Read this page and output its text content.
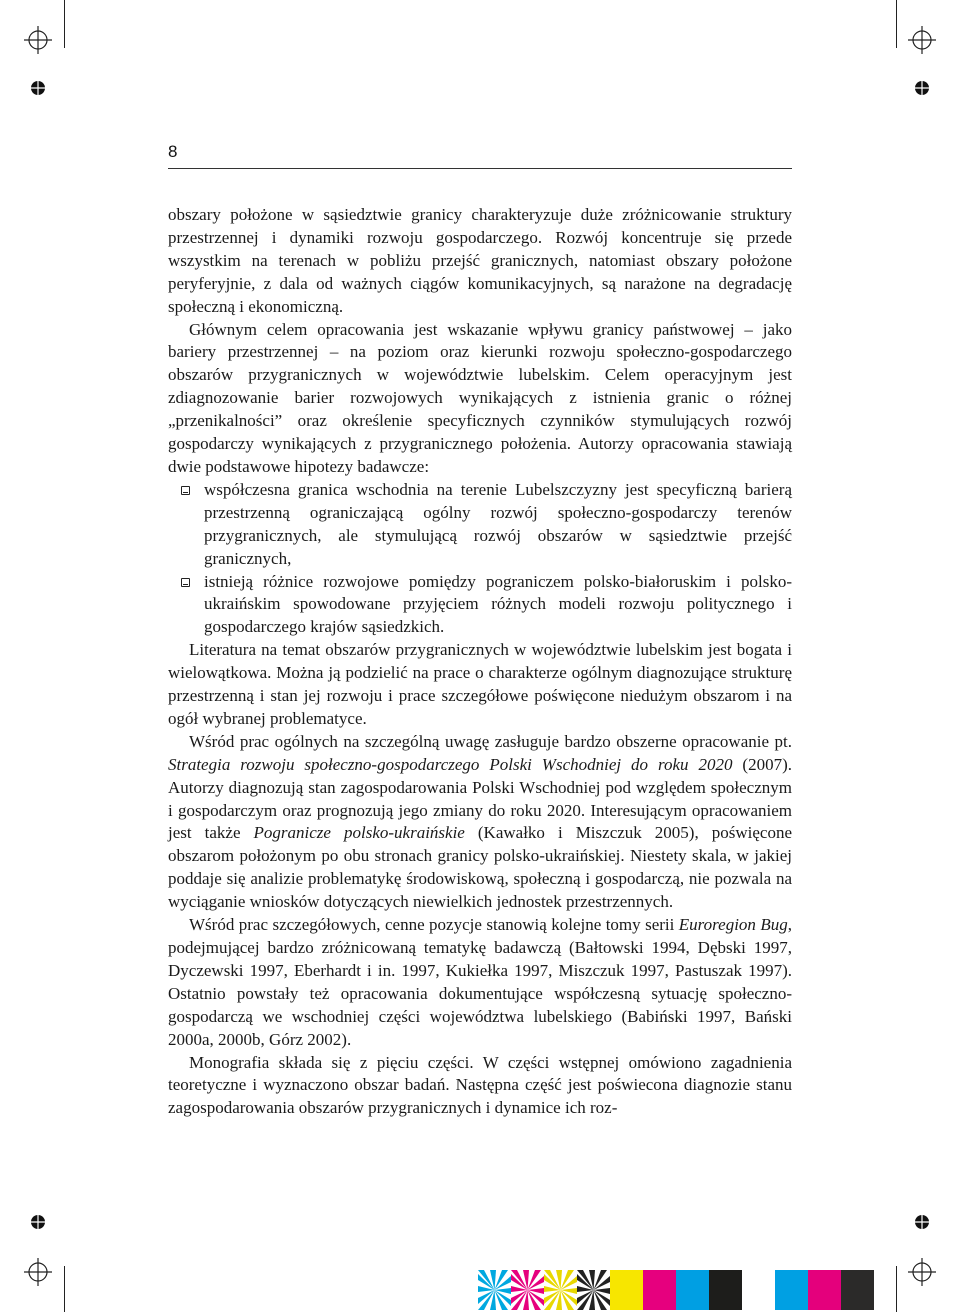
8

obszary położone w sąsiedztwie granicy charakteryzuje duże zróżnicowanie struktury przestrzennej i dynamiki rozwoju gospodarczego. Rozwój koncentruje się przede wszystkim na terenach w pobliżu przejść granicznych, natomiast obszary położone peryferyjnie, z dala od ważnych ciągów komunikacyjnych, są narażone na degradację społeczną i ekonomiczną.

Głównym celem opracowania jest wskazanie wpływu granicy państwowej – jako bariery przestrzennej – na poziom oraz kierunki rozwoju społeczno-gospodarczego obszarów przygranicznych w województwie lubelskim. Celem operacyjnym jest zdiagnozowanie barier rozwojowych wynikających z istnienia granic o różnej „przenikalności” oraz określenie specyficznych czynników stymulujących rozwój gospodarczy wynikających z przygranicznego położenia. Autorzy opracowania stawiają dwie podstawowe hipotezy badawcze:

współczesna granica wschodnia na terenie Lubelszczyzny jest specyficzną barierą przestrzenną ograniczającą ogólny rozwój społeczno-gospodarczy terenów przygranicznych, ale stymulującą rozwój obszarów w sąsiedztwie przejść granicznych,
istnieją różnice rozwojowe pomiędzy pograniczem polsko-białoruskim i polsko-ukraińskim spowodowane przyjęciem różnych modeli rozwoju politycznego i gospodarczego krajów sąsiedzkich.

Literatura na temat obszarów przygranicznych w województwie lubelskim jest bogata i wielowątkowa. Można ją podzielić na prace o charakterze ogólnym diagnozujące strukturę przestrzenną i stan jej rozwoju i prace szczegółowe poświęcone niedużym obszarom i na ogół wybranej problematyce.

Wśród prac ogólnych na szczególną uwagę zasługuje bardzo obszerne opracowanie pt. Strategia rozwoju społeczno-gospodarczego Polski Wschodniej do roku 2020 (2007). Autorzy diagnozują stan zagospodarowania Polski Wschodniej pod względem społecznym i gospodarczym oraz prognozują jego zmiany do roku 2020. Interesującym opracowaniem jest także Pogranicze polsko-ukraińskie (Kawałko i Miszczuk 2005), poświęcone obszarom położonym po obu stronach granicy polsko-ukraińskiej. Niestety skala, w jakiej poddaje się analizie problematykę środowiskową, społeczną i gospodarczą, nie pozwala na wyciąganie wniosków dotyczących niewielkich jednostek przestrzennych.

Wśród prac szczegółowych, cenne pozycje stanowią kolejne tomy serii Euroregion Bug, podejmującej bardzo zróżnicowaną tematykę badawczą (Bałtowski 1994, Dębski 1997, Dyczewski 1997, Eberhardt i in. 1997, Kukiełka 1997, Miszczuk 1997, Pastuszak 1997). Ostatnio powstały też opracowania dokumentujące współczesną sytuację społeczno-gospodarczą we wschodniej części województwa lubelskiego (Babiński 1997, Bański 2000a, 2000b, Górz 2002).

Monografia składa się z pięciu części. W części wstępnej omówiono zagadnienia teoretyczne i wyznaczono obszar badań. Następna część jest poświecona diagnozie stanu zagospodarowania obszarów przygranicznych i dynamice ich roz-
